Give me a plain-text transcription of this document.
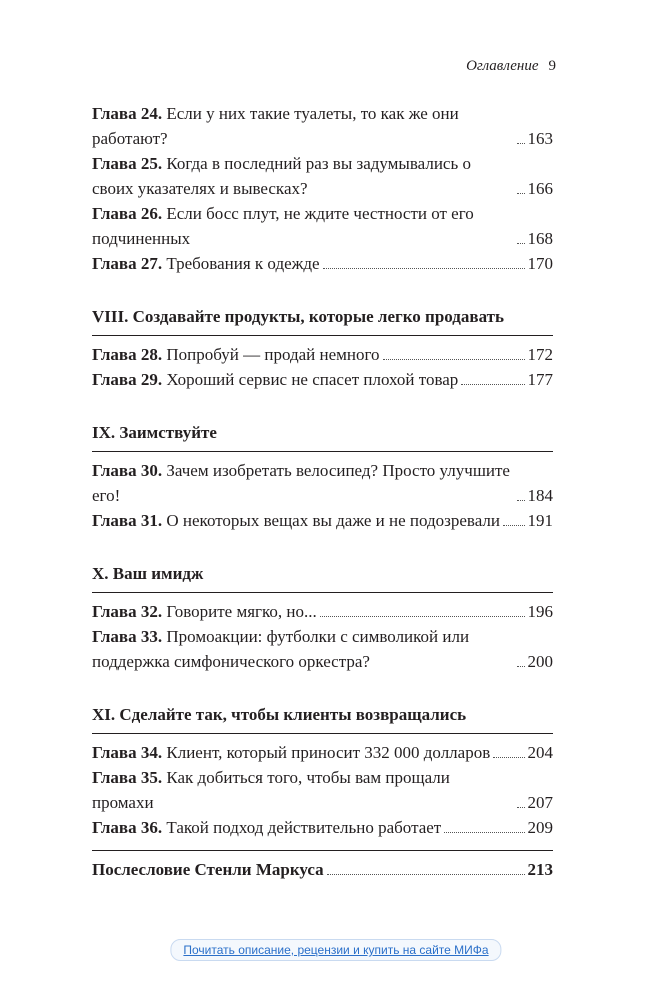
Оглавление 9
Глава 24. Если у них такие туалеты, то как же они работают?	163
Глава 25. Когда в последний раз вы задумывались о своих указателях и вывесках?	166
Глава 26. Если босс плут, не ждите честности от его подчиненных	168
Глава 27. Требования к одежде	170
VIII. Создавайте продукты, которые легко продавать
Глава 28. Попробуй — продай немного	172
Глава 29. Хороший сервис не спасет плохой товар	177
IX. Заимствуйте
Глава 30. Зачем изобретать велосипед? Просто улучшите его!	184
Глава 31. О некоторых вещах вы даже и не подозревали 191
X. Ваш имидж
Глава 32. Говорите мягко, но...	196
Глава 33. Промоакции: футболки с символикой или поддержка симфонического оркестра?	200
XI. Сделайте так, чтобы клиенты возвращались
Глава 34. Клиент, который приносит 332 000 долларов 204
Глава 35. Как добиться того, чтобы вам прощали промахи	207
Глава 36. Такой подход действительно работает	209
Послесловие Стенли Маркуса	213
Почитать описание, рецензии и купить на сайте МИФа
